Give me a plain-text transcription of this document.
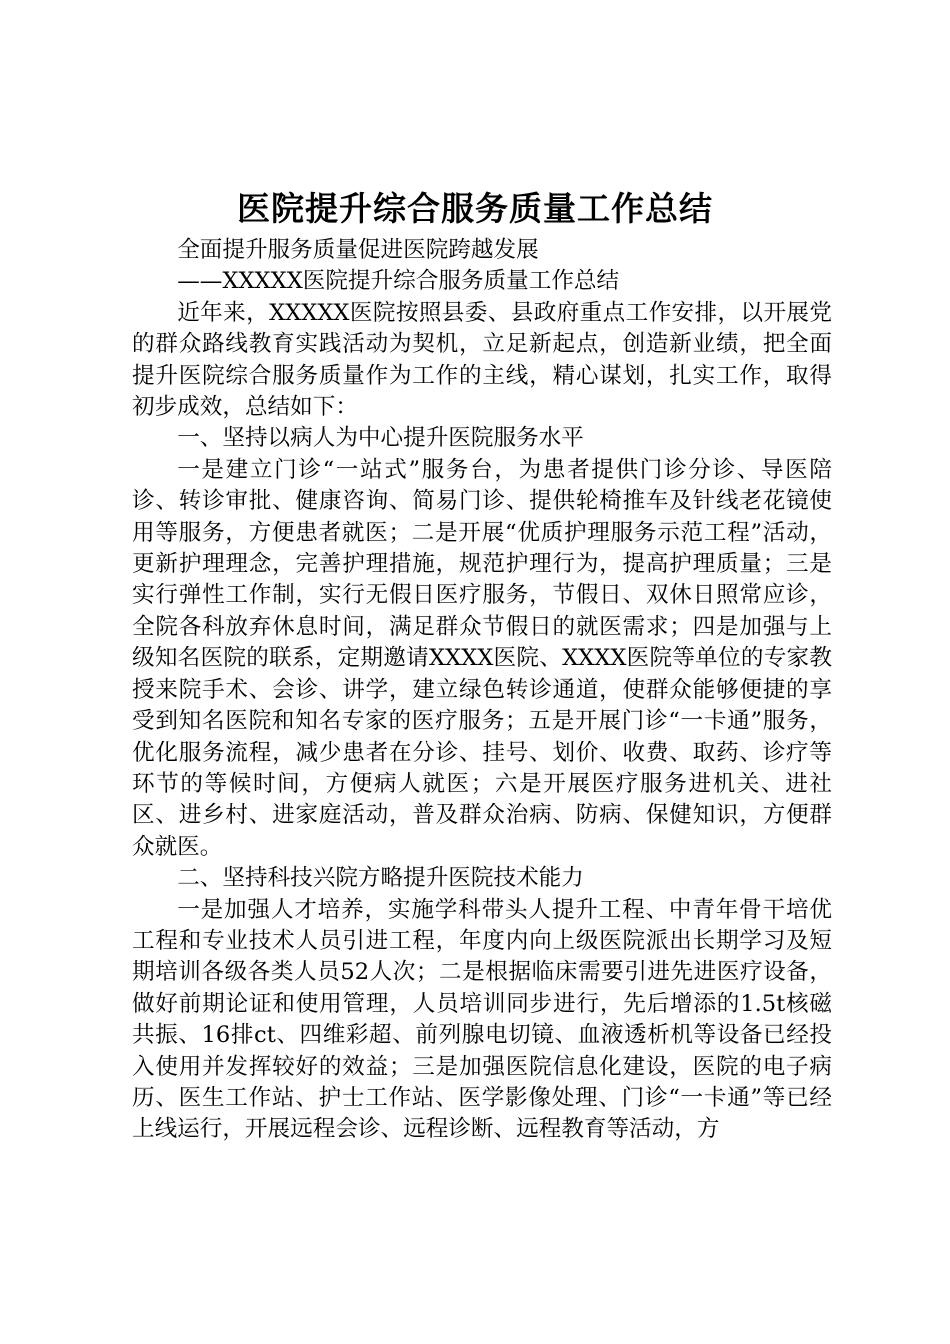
医院提升综合服务质量工作总结

全面提升服务质量促进医院跨越发展

——XXXXX医院提升综合服务质量工作总结

近年来，XXXXX医院按照县委、县政府重点工作安排，以开展党的群众路线教育实践活动为契机，立足新起点，创造新业绩，把全面提升医院综合服务质量作为工作的主线，精心谋划，扎实工作，取得初步成效，总结如下：

一、坚持以病人为中心提升医院服务水平

一是建立门诊“一站式”服务台，为患者提供门诊分诊、导医陪诊、转诊审批、健康咨询、简易门诊、提供轮椅推车及针线老花镜使用等服务，方便患者就医；二是开展“优质护理服务示范工程”活动，更新护理理念，完善护理措施，规范护理行为，提高护理质量；三是实行弹性工作制，实行无假日医疗服务，节假日、双休日照常应诊，全院各科放弃休息时间，满足群众节假日的就医需求；四是加强与上级知名医院的联系，定期邀请XXXX医院、XXXX医院等单位的专家教授来院手术、会诊、讲学，建立绿色转诊通道，使群众能够便捷的享受到知名医院和知名专家的医疗服务；五是开展门诊“一卡通”服务，优化服务流程，减少患者在分诊、挂号、划价、收费、取药、诊疗等环节的等候时间，方便病人就医；六是开展医疗服务进机关、进社区、进乡村、进家庭活动，普及群众治病、防病、保健知识，方便群众就医。

二、坚持科技兴院方略提升医院技术能力

一是加强人才培养，实施学科带头人提升工程、中青年骨干培优工程和专业技术人员引进工程，年度内向上级医院派出长期学习及短期培训各级各类人员52人次；二是根据临床需要引进先进医疗设备，做好前期论证和使用管理，人员培训同步进行，先后增添的1.5t核磁共振、16排ct、四维彩超、前列腺电切镜、血液透析机等设备已经投入使用并发挥较好的效益；三是加强医院信息化建设，医院的电子病历、医生工作站、护士工作站、医学影像处理、门诊“一卡通”等已经上线运行，开展远程会诊、远程诊断、远程教育等活动，方
